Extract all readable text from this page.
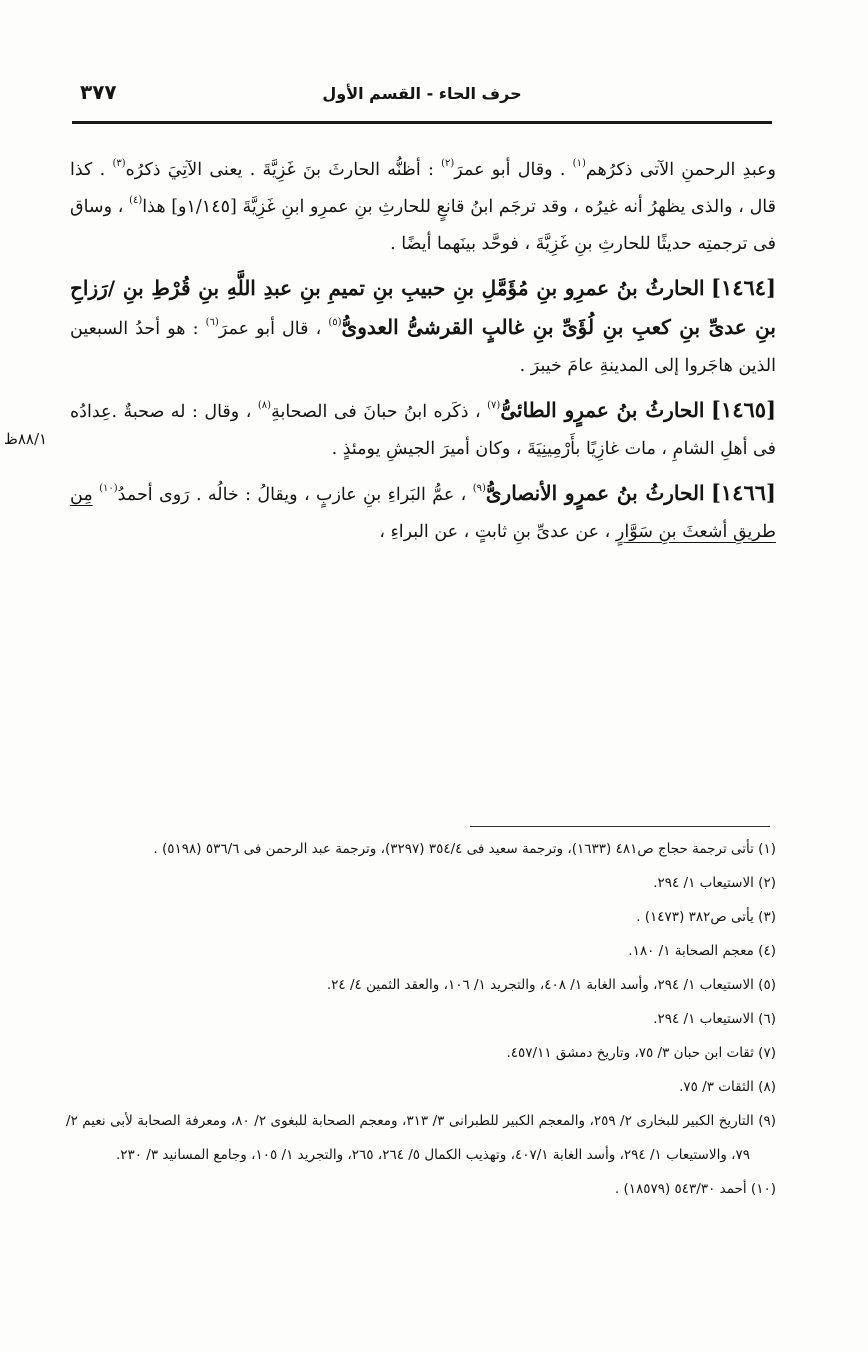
٣٧٧	حرف الحاء - القسم الأول
٨٨/١ظ

وعبدِ الرحمنِ الآتى ذكرُهم$^{(١)}$ . وقال أبو عمرَ$^{(٢)}$ : أظنُّه الحارثَ بنَ غَزِيَّةَ . يعنى الآتِيَ ذكرُه$^{(٣)}$ . كذا قال ، والذى يظهرُ أنه غيرُه ، وقد ترجَم ابنُ قانعٍ للحارثِ بنِ عمرِو ابنِ غَزِيَّةَ [١/١٤٥و] هذا$^{(٤)}$ ، وساق فى ترجمتِه حديثًا للحارثِ بنِ غَزِيَّةَ ، فوحَّد بينَهما أيضًا .

[١٤٦٤] الحارثُ بنُ عمرِو بنِ مُؤَمَّلِ بنِ حبيبِ بنِ تميمِ بنِ عبدِ اللَّهِ بنِ قُرْطِ بنِ /رَزاحِ بنِ عدىِّ بنِ كعبِ بنِ لُؤَىِّ بنِ غالبٍ القرشىُّ العدوىُّ$^{(٥)}$ ، قال أبو عمرَ$^{(٦)}$ : هو أحدُ السبعين الذين هاجَروا إلى المدينةِ عامَ خيبرَ .

[١٤٦٥] الحارثُ بنُ عمرٍو الطائىُّ$^{(٧)}$ ، ذكَره ابنُ حبانَ فى الصحابةِ$^{(٨)}$ ، وقال : له صحبةٌ .عِدادُه فى أهلِ الشامِ ، مات غازِيًا بأَرْمِينِيَةَ ، وكان أميرَ الجيشِ يومئذٍ .

[١٤٦٦] الحارثُ بنُ عمرٍو الأنصارىُّ$^{(٩)}$ ، عمُّ البَراءِ بنِ عازبٍ ، ويقالُ : خالُه . رَوى أحمدُ$^{(١٠)}$ مِن طريقِ أشعثَ بنِ سَوَّارٍ ، عن عدىِّ بنِ ثابتٍ ، عن البراءِ ،

(١) تأتى ترجمة حجاج ص٤٨١ (١٦٣٣)، وترجمة سعيد فى ٣٥٤/٤ (٣٢٩٧)، وترجمة عبد الرحمن فى ٥٣٦/٦ (٥١٩٨) .

(٢) الاستيعاب ١/ ٢٩٤.

(٣) يأتى ص٣٨٢ (١٤٧٣) .

(٤) معجم الصحابة ١/ ١٨٠.

(٥) الاستيعاب ١/ ٢٩٤، وأسد الغابة ١/ ٤٠٨، والتجريد ١/ ١٠٦، والعقد الثمين ٤/ ٢٤.

(٦) الاستيعاب ١/ ٢٩٤.

(٧) ثقات ابن حبان ٣/ ٧٥، وتاريخ دمشق ٤٥٧/١١.

(٨) الثقات ٣/ ٧٥.

(٩) التاريخ الكبير للبخارى ٢/ ٢٥٩، والمعجم الكبير للطبرانى ٣/ ٣١٣، ومعجم الصحابة للبغوى ٢/ ٨٠، ومعرفة الصحابة لأبى نعيم ٢/ ٧٩، والاستيعاب ١/ ٢٩٤، وأسد الغابة ٤٠٧/١، وتهذيب الكمال ٥/ ٢٦٤، ٢٦٥، والتجريد ١/ ١٠٥، وجامع المسانيد ٣/ ٢٣٠.

(١٠) أحمد ٥٤٣/٣٠ (١٨٥٧٩) .
